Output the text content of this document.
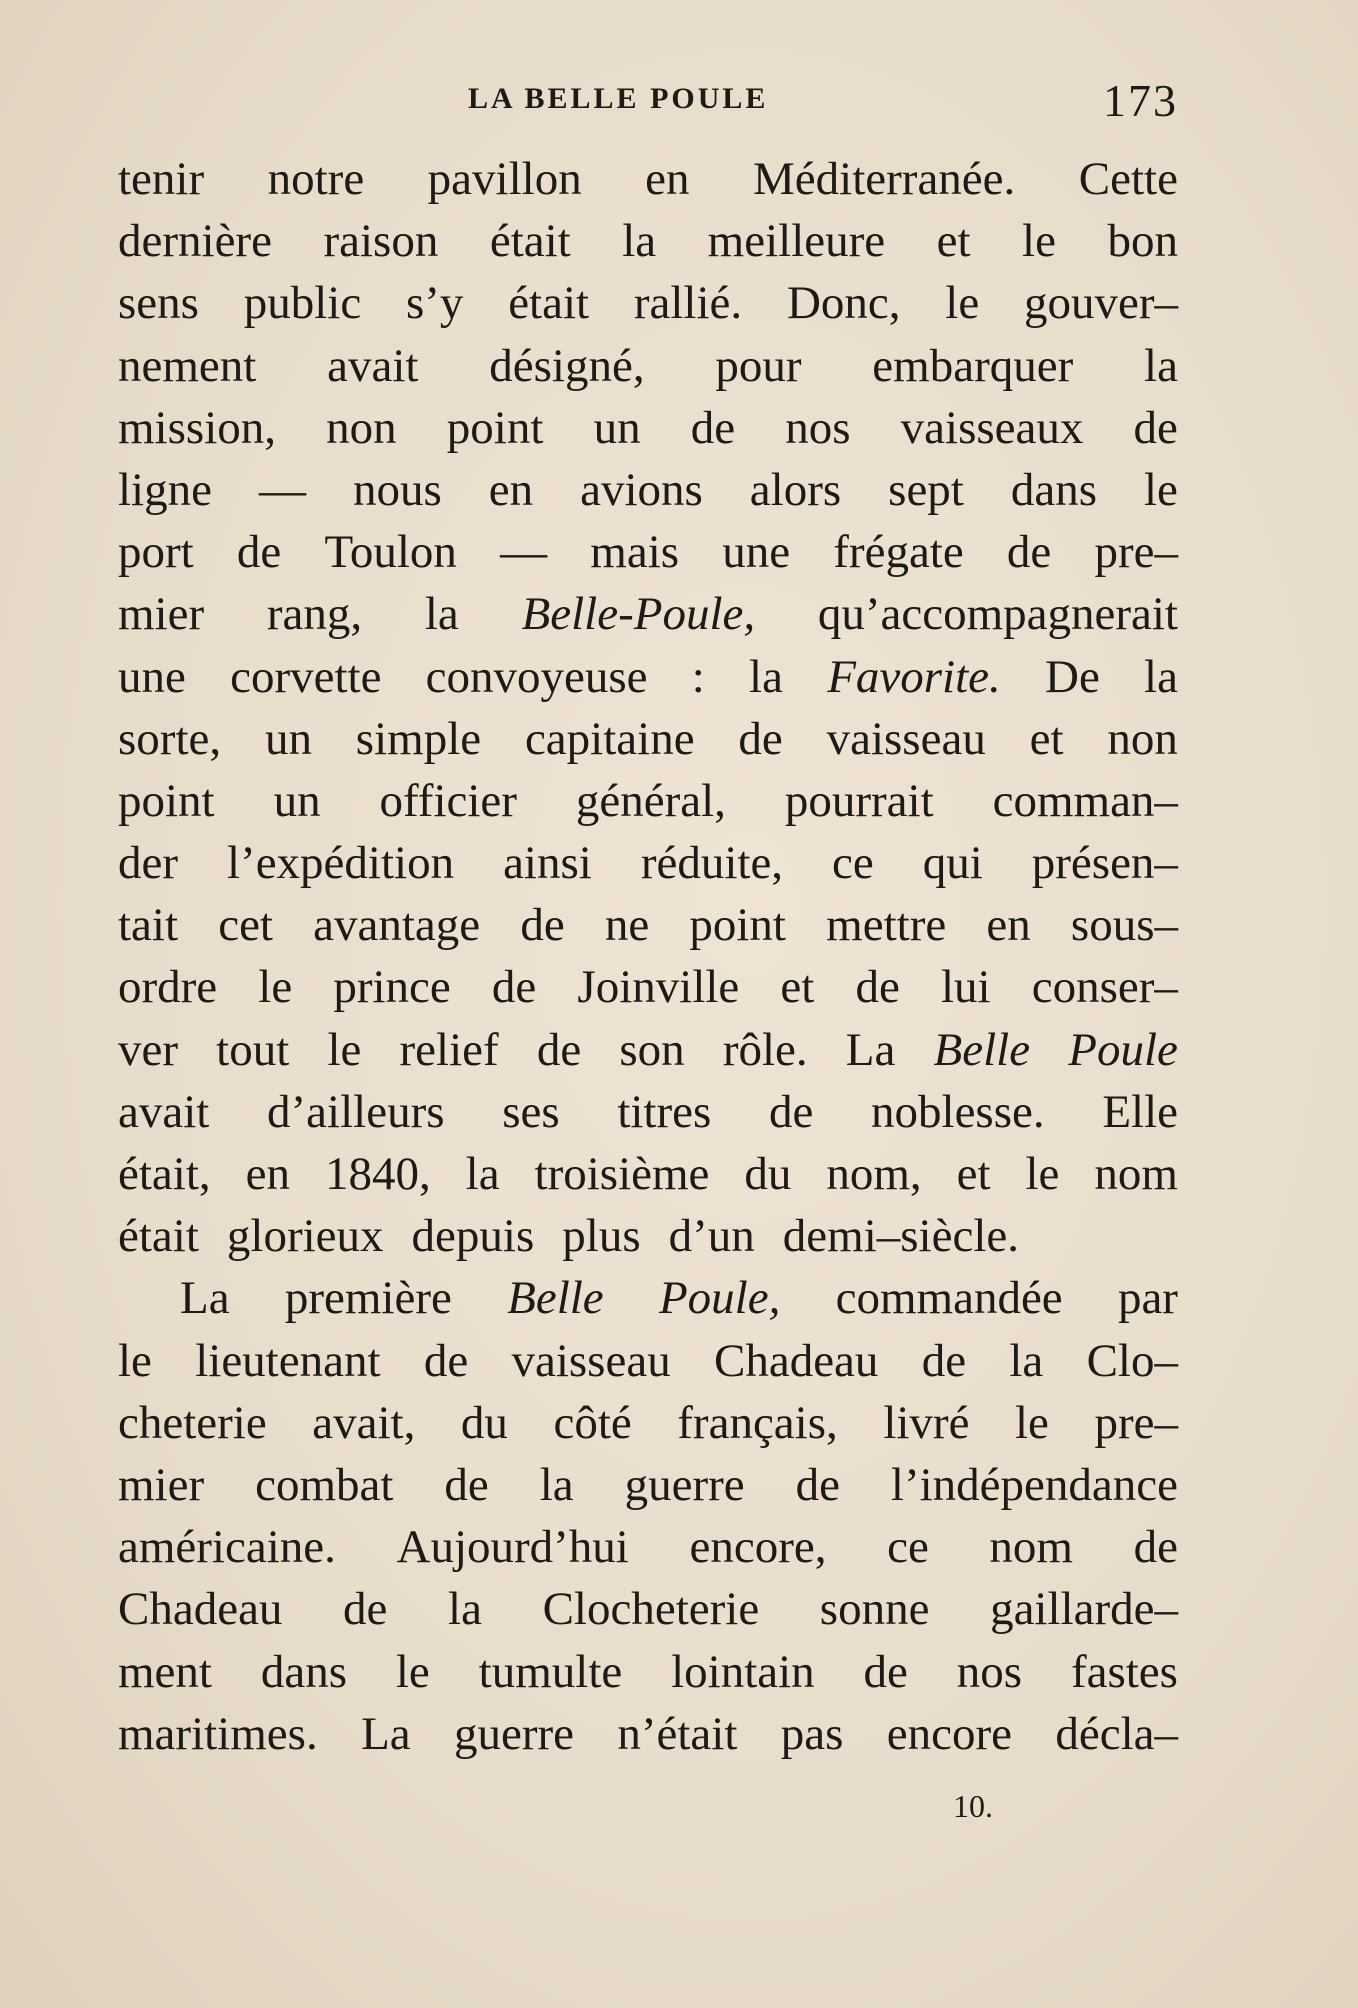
LA BELLE POULE	173
tenir notre pavillon en Méditerranée. Cette
dernière raison était la meilleure et le bon
sens public s’y était rallié. Donc, le gouver–
nement avait désigné, pour embarquer la
mission, non point un de nos vaisseaux de
ligne — nous en avions alors sept dans le
port de Toulon — mais une frégate de pre–
mier rang, la Belle-Poule, qu’accompagnerait
une corvette convoyeuse : la Favorite. De la
sorte, un simple capitaine de vaisseau et non
point un officier général, pourrait comman–
der l’expédition ainsi réduite, ce qui présen–
tait cet avantage de ne point mettre en sous–
ordre le prince de Joinville et de lui conser–
ver tout le relief de son rôle. La Belle Poule
avait d’ailleurs ses titres de noblesse. Elle
était, en 1840, la troisième du nom, et le nom
était glorieux depuis plus d’un demi–siècle.
La première Belle Poule, commandée par
le lieutenant de vaisseau Chadeau de la Clo–
cheterie avait, du côté français, livré le pre–
mier combat de la guerre de l’indépendance
américaine. Aujourd’hui encore, ce nom de
Chadeau de la Clocheterie sonne gaillarde–
ment dans le tumulte lointain de nos fastes
maritimes. La guerre n’était pas encore décla–
10.
